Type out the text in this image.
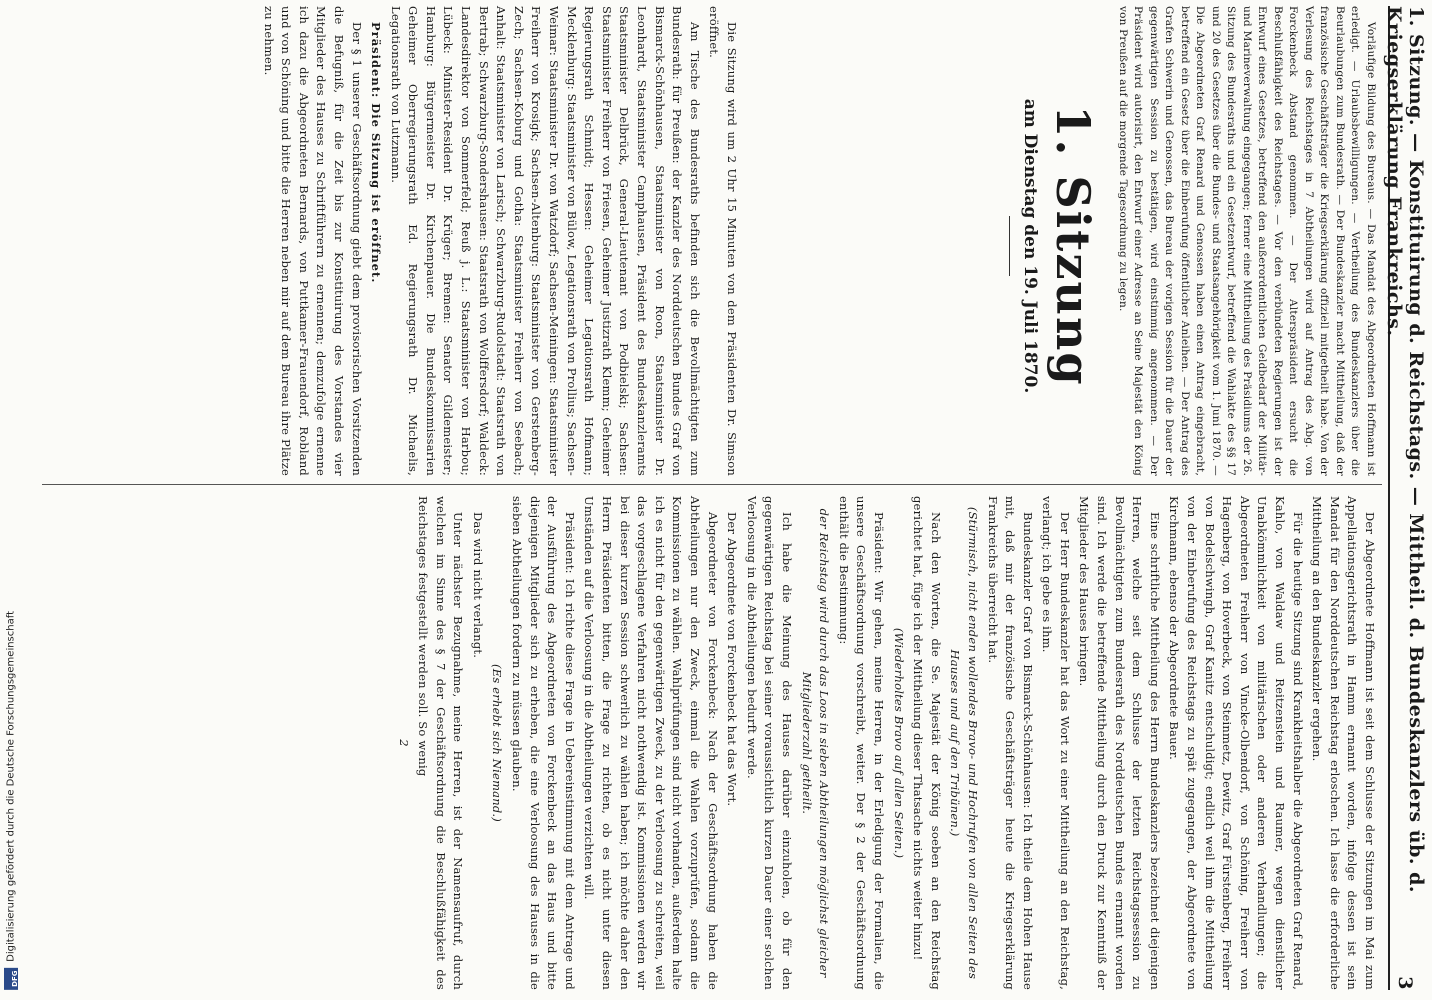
1. Sitzung. — Konstituirung d. Reichstags. — Mittheil. d. Bundeskanzlers üb. d. Kriegserklärung Frankreichs.
3

Vorläufige Bildung des Bureaus. — Das Mandat des Abgeordneten Hoffmann ist erledigt. — Urlaubsbewilligungen. — Vertheilung des Bundeskanzlers über die Beurlaubungen zum Bundesrath. — Der Bundeskanzler macht Mittheilung, daß der französische Geschäftsträger die Kriegserklärung offiziell mitgetheilt habe. Von der Verlesung des Reichstages in 7 Abtheilungen wird auf Antrag des Abg. von Forckenbeck Abstand genommen. — Der Alterspräsident ersucht die Beschlußfähigkeit des Reichstages. — Vor den verbündeten Regierungen ist der Entwurf eines Gesetzes, betreffend den außerordentlichen Geldbedarf der Militär- und Marineverwaltung eingegangen; ferner eine Mittheilung des Präsidiums der 26. Sitzung des Bundesraths und ein Gesetzentwurf, betreffend die Wahlakte des §§ 17 und 20 des Gesetzes über die Bundes- und Staatsangehörigkeit vom 1. Juni 1870. — Die Abgeordneten Graf Renard und Genossen haben einen Antrag eingebracht, betreffend ein Gesetz über die Einberufung öffentlicher Anleihen. — Der Antrag des Grafen Schwerin und Genossen, das Bureau der vorigen Session für die Dauer der gegenwärtigen Session zu bestätigen, wird einstimmig angenommen. — Der Präsident wird autorisirt, den Entwurf einer Adresse an Seine Majestät den König von Preußen auf die morgende Tagesordnung zu legen.

1. Sitzung
am Dienstag den 19. Juli 1870.

Die Sitzung wird um 2 Uhr 15 Minuten von dem Präsidenten Dr. Simson eröffnet.

Am Tische des Bundesraths befinden sich die Bevollmächtigten zum Bundesrath: für Preußen: der Kanzler des Norddeutschen Bundes Graf von Bismarck-Schönhausen, Staatsminister von Roon, Staatsminister Dr. Leonhardt, Staatsminister Camphausen, Präsident des Bundeskanzleramts Staatsminister Delbrück, General-Lieutenant von Podbielski; Sachsen: Staatsminister Freiherr von Friesen, Geheimer Justizrath Klemm; Geheimer Regierungsrath Schmidt; Hessen: Geheimer Legationsrath Hofmann; Mecklenburg: Staatsminister von Bülow, Legationsrath von Prollius; Sachsen-Weimar: Staatsminister Dr. von Watzdorf; Sachsen-Meiningen: Staatsminister Freiherr von Krosigk; Sachsen-Altenburg: Staatsminister von Gerstenberg-Zech; Sachsen-Koburg und Gotha: Staatsminister Freiherr von Seebach; Anhalt: Staatsminister von Larisch; Schwarzburg-Rudolstadt: Staatsrath von Bertrab; Schwarzburg-Sondershausen: Staatsrath von Wolffersdorf; Waldeck: Landesdirektor von Sommerfeld; Reuß j. L.: Staatsminister von Harbou; Lübeck: Minister-Resident Dr. Krüger; Bremen: Senator Gildemeister; Hamburg: Bürgermeister Dr. Kirchenpauer. Die Bundeskommissarien Geheimer Oberregierungsrath Ed. Regierungsrath Dr. Michaelis, Legationsrath von Lutzmann.

Präsident: Die Sitzung ist eröffnet.

Der § 1 unserer Geschäftsordnung giebt dem provisorischen Vorsitzenden die Befugniß, für die Zeit bis zur Konstituirung des Vorstandes vier Mitglieder des Hauses zu Schriftführern zu ernennen; demzufolge ernenne ich dazu die Abgeordneten Bernards, von Puttkamer-Frauendorf, Robland und von Schöning und bitte die Herren neben mir auf dem Bureau ihre Plätze zu nehmen.

Der Abgeordnete Hoffmann ist seit dem Schlusse der Sitzungen im Mai zum Appellationsgerichtsrath in Hamm ernannt worden, infolge dessen ist sein Mandat für den Norddeutschen Reichstag erloschen. Ich lasse die erforderliche Mittheilung an den Bundeskanzler ergehen.

Für die heutige Sitzung sind Krankheitshalber die Abgeordneten Graf Renard, Kahlo, von Waldaw und Reitzenstein und Raumer, wegen dienstlicher Unabkömmlichkeit von militärischen oder anderen Verhandlungen; die Abgeordneten Freiherr von Vincke-Olbendorf, von Schöning, Freiherr von Hagenberg, von Hoverbeck, von Steinmetz, Dewitz, Graf Fürstenberg, Freiherr von Bodelschwingh, Graf Kanitz entschuldigt; endlich weil ihm die Mittheilung von der Einberufung des Reichstags zu spät zugegangen, der Abgeordnete von Kirchmann, ebenso der Abgeordnete Bauer.

Eine schriftliche Mittheilung des Herrn Bundeskanzlers bezeichnet diejenigen Herren, welche seit dem Schlusse der letzten Reichstagssession zu Bevollmächtigten zum Bundesrath des Norddeutschen Bundes ernannt worden sind. Ich werde die betreffende Mittheilung durch den Druck zur Kenntniß der Mitglieder des Hauses bringen.

Der Herr Bundeskanzler hat das Wort zu einer Mittheilung an den Reichstag, verlangt; ich gebe es ihm.

Bundeskanzler Graf von Bismarck-Schönhausen: Ich theile dem Hohen Hause mit, daß mir der französische Geschäftsträger heute die Kriegserklärung Frankreichs überreicht hat.

(Stürmisch, nicht enden wollendes Bravo- und Hochrufen von allen Seiten des Hauses und auf den Tribünen.)

Nach den Worten, die Se. Majestät der König soeben an den Reichstag gerichtet hat, füge ich der Mittheilung dieser Thatsache nichts weiter hinzu!

(Wiederholtes Bravo auf allen Seiten.)

Präsident: Wir gehen, meine Herren, in der Erledigung der Formalien, die unsere Geschäftsordnung vorschreibt, weiter. Der § 2 der Geschäftsordnung enthält die Bestimmung:

der Reichstag wird durch das Loos in sieben Abtheilungen möglichst gleicher Mitgliederzahl getheilt.

Ich habe die Meinung des Hauses darüber einzuholen, ob für den gegenwärtigen Reichstag bei seiner voraussichtlich kurzen Dauer einer solchen Verloosung in die Abtheilungen bedurft werde.

Der Abgeordnete von Forckenbeck hat das Wort.

Abgeordneter von Forckenbeck: Nach der Geschäftsordnung haben die Abtheilungen nur den Zweck, einmal die Wahlen vorzuprüfen, sodann die Kommissionen zu wählen. Wahlprüfungen sind nicht vorhanden, außerdem halte ich es nicht für den gegenwärtigen Zweck, zu der Verloosung zu schreiten, weil das vorgeschlagene Verfahren nicht nothwendig ist. Kommissionen werden wir bei dieser kurzen Session schwerlich zu wählen haben; ich möchte daher den Herrn Präsidenten bitten, die Frage zu richten, ob es nicht unter diesen Umständen auf die Verloosung in die Abtheilungen verzichten will.

Präsident: Ich richte diese Frage in Uebereinstimmung mit dem Antrage und der Ausführung des Abgeordneten von Forckenbeck an das Haus und bitte diejenigen Mitglieder sich zu erheben, die eine Verloosung des Hauses in die sieben Abtheilungen fordern zu müssen glauben.

(Es erhebt sich Niemand.)

Das wird nicht verlangt.

Unter nächster Bezugnahme, meine Herren, ist der Namensaufruf, durch welchen im Sinne des § 7 der Geschäftsordnung die Beschlußfähigkeit des Reichstages festgestellt werden soll. So wenig

2

DFG
Digitalisierung gefördert durch die Deutsche Forschungsgemeinschaft
